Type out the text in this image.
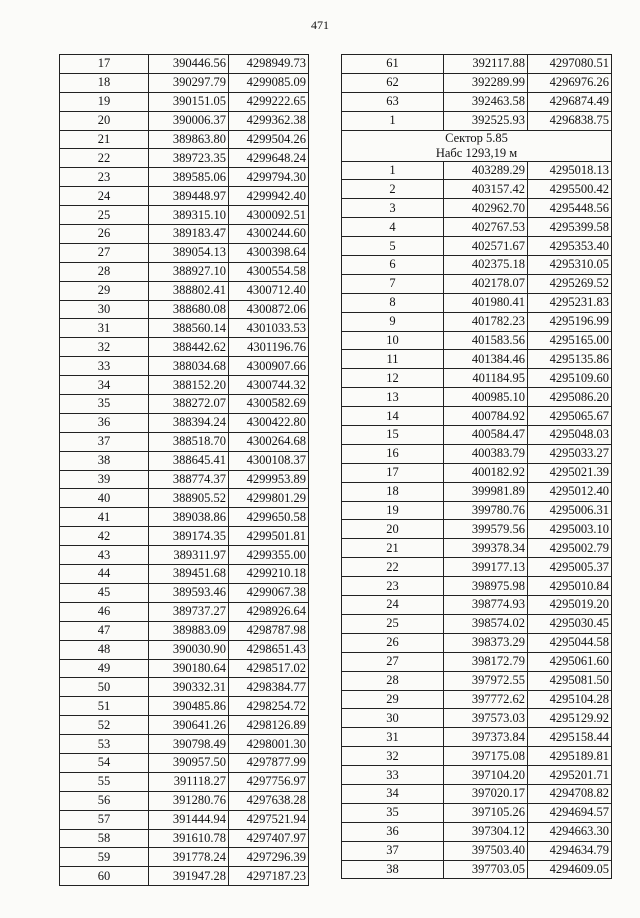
471
17	390446.56	4298949.73
18	390297.79	4299085.09
19	390151.05	4299222.65
20	390006.37	4299362.38
21	389863.80	4299504.26
22	389723.35	4299648.24
23	389585.06	4299794.30
24	389448.97	4299942.40
25	389315.10	4300092.51
26	389183.47	4300244.60
27	389054.13	4300398.64
28	388927.10	4300554.58
29	388802.41	4300712.40
30	388680.08	4300872.06
31	388560.14	4301033.53
32	388442.62	4301196.76
33	388034.68	4300907.66
34	388152.20	4300744.32
35	388272.07	4300582.69
36	388394.24	4300422.80
37	388518.70	4300264.68
38	388645.41	4300108.37
39	388774.37	4299953.89
40	388905.52	4299801.29
41	389038.86	4299650.58
42	389174.35	4299501.81
43	389311.97	4299355.00
44	389451.68	4299210.18
45	389593.46	4299067.38
46	389737.27	4298926.64
47	389883.09	4298787.98
48	390030.90	4298651.43
49	390180.64	4298517.02
50	390332.31	4298384.77
51	390485.86	4298254.72
52	390641.26	4298126.89
53	390798.49	4298001.30
54	390957.50	4297877.99
55	391118.27	4297756.97
56	391280.76	4297638.28
57	391444.94	4297521.94
58	391610.78	4297407.97
59	391778.24	4297296.39
60	391947.28	4297187.23
61	392117.88	4297080.51
62	392289.99	4296976.26
63	392463.58	4296874.49
1	392525.93	4296838.75

Сектор 5.85
Набс 1293,19 м		

1	403289.29	4295018.13
2	403157.42	4295500.42
3	402962.70	4295448.56
4	402767.53	4295399.58
5	402571.67	4295353.40
6	402375.18	4295310.05
7	402178.07	4295269.52
8	401980.41	4295231.83
9	401782.23	4295196.99
10	401583.56	4295165.00
11	401384.46	4295135.86
12	401184.95	4295109.60
13	400985.10	4295086.20
14	400784.92	4295065.67
15	400584.47	4295048.03
16	400383.79	4295033.27
17	400182.92	4295021.39
18	399981.89	4295012.40
19	399780.76	4295006.31
20	399579.56	4295003.10
21	399378.34	4295002.79
22	399177.13	4295005.37
23	398975.98	4295010.84
24	398774.93	4295019.20
25	398574.02	4295030.45
26	398373.29	4295044.58
27	398172.79	4295061.60
28	397972.55	4295081.50
29	397772.62	4295104.28
30	397573.03	4295129.92
31	397373.84	4295158.44
32	397175.08	4295189.81
33	397104.20	4295201.71
34	397020.17	4294708.82
35	397105.26	4294694.57
36	397304.12	4294663.30
37	397503.40	4294634.79
38	397703.05	4294609.05
